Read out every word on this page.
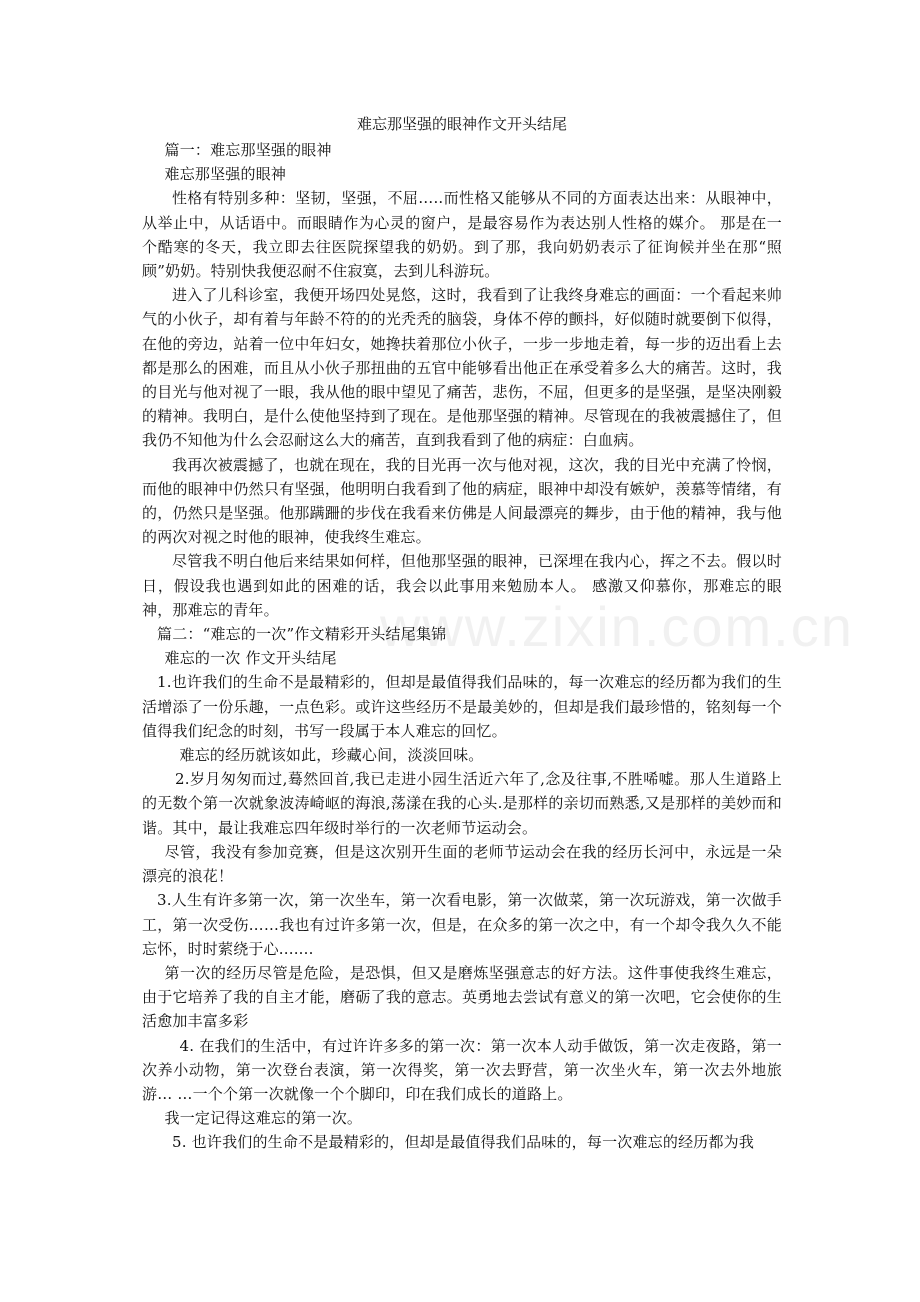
www.zixin.com.cn

难忘那坚强的眼神作文开头结尾

篇一：难忘那坚强的眼神

难忘那坚强的眼神

性格有特别多种：坚韧，坚强，不屈…..而性格又能够从不同的方面表达出来：从眼神中，从举止中，从话语中。而眼睛作为心灵的窗户，是最容易作为表达别人性格的媒介。 那是在一个酷寒的冬天，我立即去往医院探望我的奶奶。到了那，我向奶奶表示了征询候并坐在那“照顾”奶奶。特别快我便忍耐不住寂寞，去到儿科游玩。

进入了儿科诊室，我便开场四处晃悠，这时，我看到了让我终身难忘的画面：一个看起来帅气的小伙子，却有着与年龄不符的的光秃秃的脑袋，身体不停的颤抖，好似随时就要倒下似得，在他的旁边，站着一位中年妇女，她搀扶着那位小伙子，一步一步地走着，每一步的迈出看上去都是那么的困难，而且从小伙子那扭曲的五官中能够看出他正在承受着多么大的痛苦。这时，我的目光与他对视了一眼，我从他的眼中望见了痛苦，悲伤，不屈，但更多的是坚强，是坚决刚毅的精神。我明白，是什么使他坚持到了现在。是他那坚强的精神。尽管现在的我被震撼住了，但我仍不知他为什么会忍耐这么大的痛苦，直到我看到了他的病症：白血病。

我再次被震撼了，也就在现在，我的目光再一次与他对视，这次，我的目光中充满了怜悯，而他的眼神中仍然只有坚强，他明明白我看到了他的病症，眼神中却没有嫉妒，羡慕等情绪，有的，仍然只是坚强。他那蹒跚的步伐在我看来仿佛是人间最漂亮的舞步，由于他的精神，我与他的两次对视之时他的眼神，使我终生难忘。

尽管我不明白他后来结果如何样，但他那坚强的眼神，已深埋在我内心，挥之不去。假以时日，假设我也遇到如此的困难的话，我会以此事用来勉励本人。 感激又仰慕你，那难忘的眼神，那难忘的青年。

篇二：“难忘的一次”作文精彩开头结尾集锦

难忘的一次 作文开头结尾

1.也许我们的生命不是最精彩的，但却是最值得我们品味的，每一次难忘的经历都为我们的生活增添了一份乐趣，一点色彩。或许这些经历不是最美妙的，但却是我们最珍惜的，铭刻每一个值得我们纪念的时刻，书写一段属于本人难忘的回忆。

难忘的经历就该如此，珍藏心间，淡淡回味。

2.岁月匆匆而过,蓦然回首,我已走进小园生活近六年了,念及往事,不胜唏嘘。那人生道路上的无数个第一次就象波涛崎岖的海浪,荡漾在我的心头.是那样的亲切而熟悉,又是那样的美妙而和谐。其中，最让我难忘四年级时举行的一次老师节运动会。

尽管，我没有参加竞赛，但是这次别开生面的老师节运动会在我的经历长河中，永远是一朵漂亮的浪花！

3.人生有许多第一次，第一次坐车，第一次看电影，第一次做菜，第一次玩游戏，第一次做手工，第一次受伤……我也有过许多第一次，但是，在众多的第一次之中，有一个却令我久久不能忘怀，时时萦绕于心.......

第一次的经历尽管是危险，是恐惧，但又是磨炼坚强意志的好方法。这件事使我终生难忘，由于它培养了我的自主才能，磨砺了我的意志。英勇地去尝试有意义的第一次吧，它会使你的生活愈加丰富多彩

4. 在我们的生活中，有过许许多多的第一次：第一次本人动手做饭，第一次走夜路，第一次养小动物，第一次登台表演，第一次得奖，第一次去野营，第一次坐火车，第一次去外地旅游… …一个个第一次就像一个个脚印，印在我们成长的道路上。

我一定记得这难忘的第一次。

5. 也许我们的生命不是最精彩的，但却是最值得我们品味的，每一次难忘的经历都为我
